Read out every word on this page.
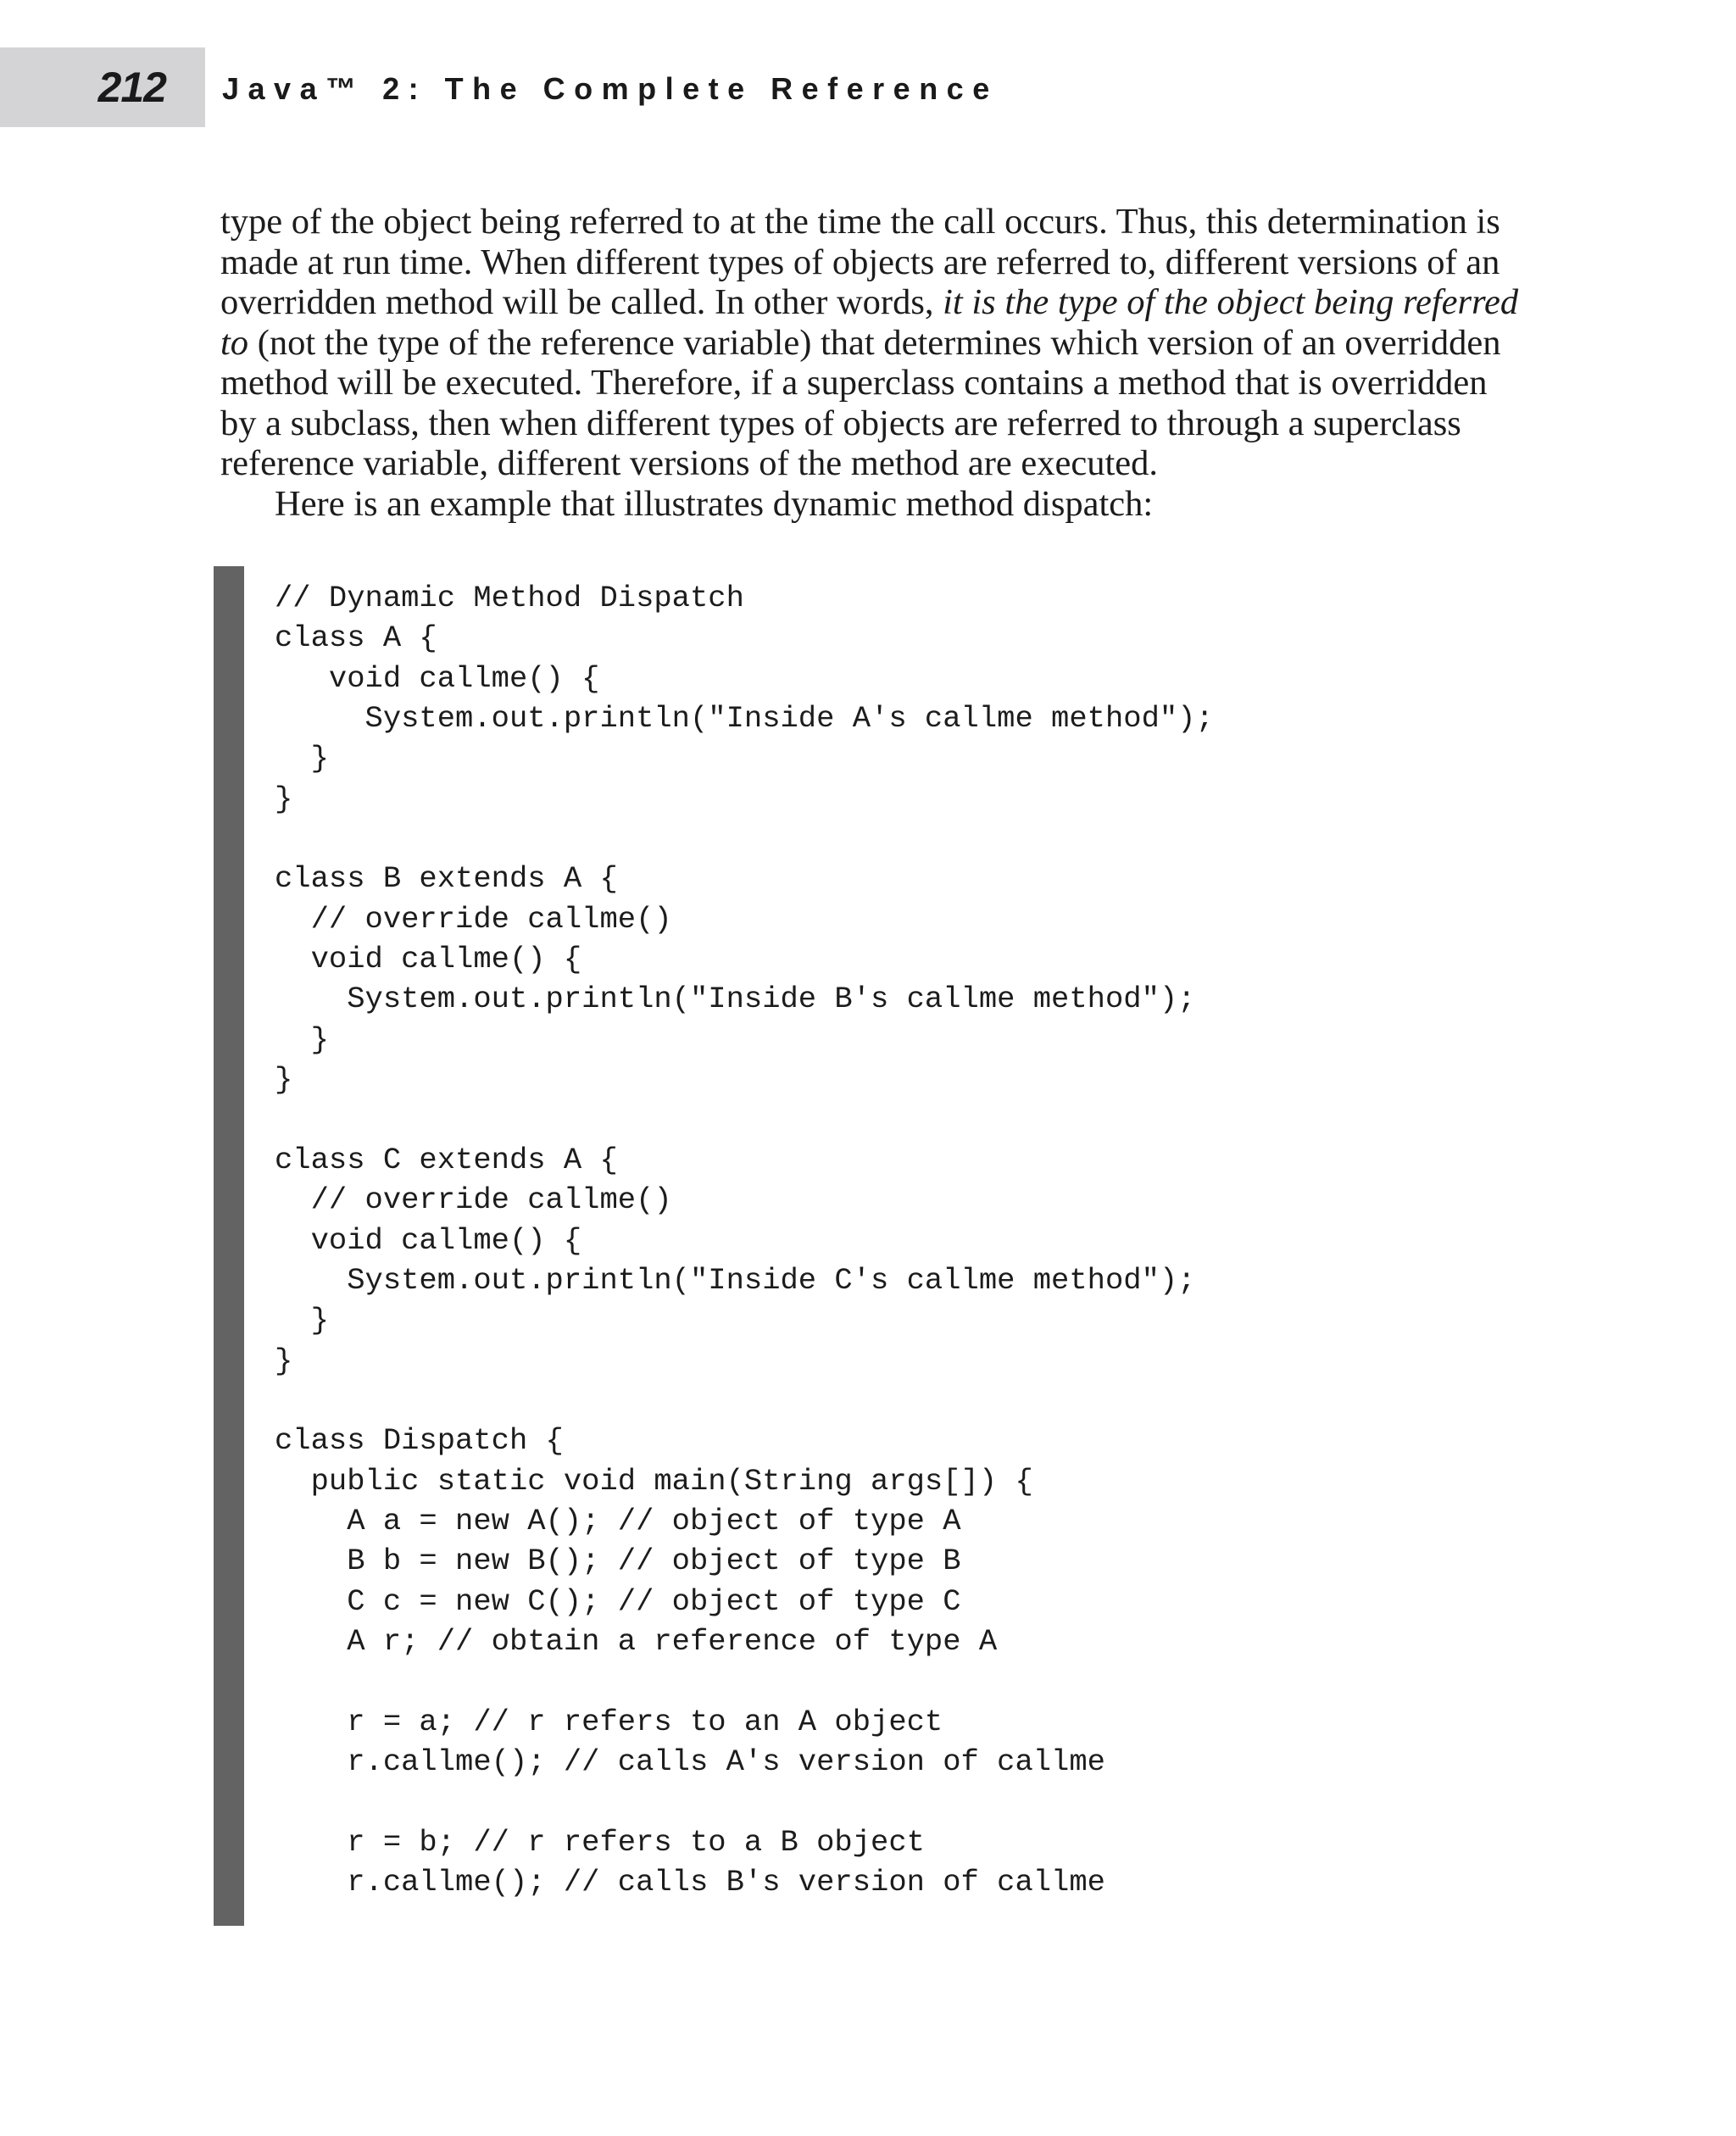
212 Java™ 2: The Complete Reference

type of the object being referred to at the time the call occurs. Thus, this determination is made at run time. When different types of objects are referred to, different versions of an overridden method will be called. In other words, it is the type of the object being referred to (not the type of the reference variable) that determines which version of an overridden method will be executed. Therefore, if a superclass contains a method that is overridden by a subclass, then when different types of objects are referred to through a superclass reference variable, different versions of the method are executed.

Here is an example that illustrates dynamic method dispatch:

// Dynamic Method Dispatch
class A {
void callme() {
System.out.println("Inside A's callme method");
}
}

class B extends A {
// override callme()
void callme() {
System.out.println("Inside B's callme method");
}
}

class C extends A {
// override callme()
void callme() {
System.out.println("Inside C's callme method");
}
}

class Dispatch {
public static void main(String args[]) {
A a = new A(); // object of type A
B b = new B(); // object of type B
C c = new C(); // object of type C
A r; // obtain a reference of type A

r = a; // r refers to an A object
r.callme(); // calls A's version of callme

r = b; // r refers to a B object
r.callme(); // calls B's version of callme
